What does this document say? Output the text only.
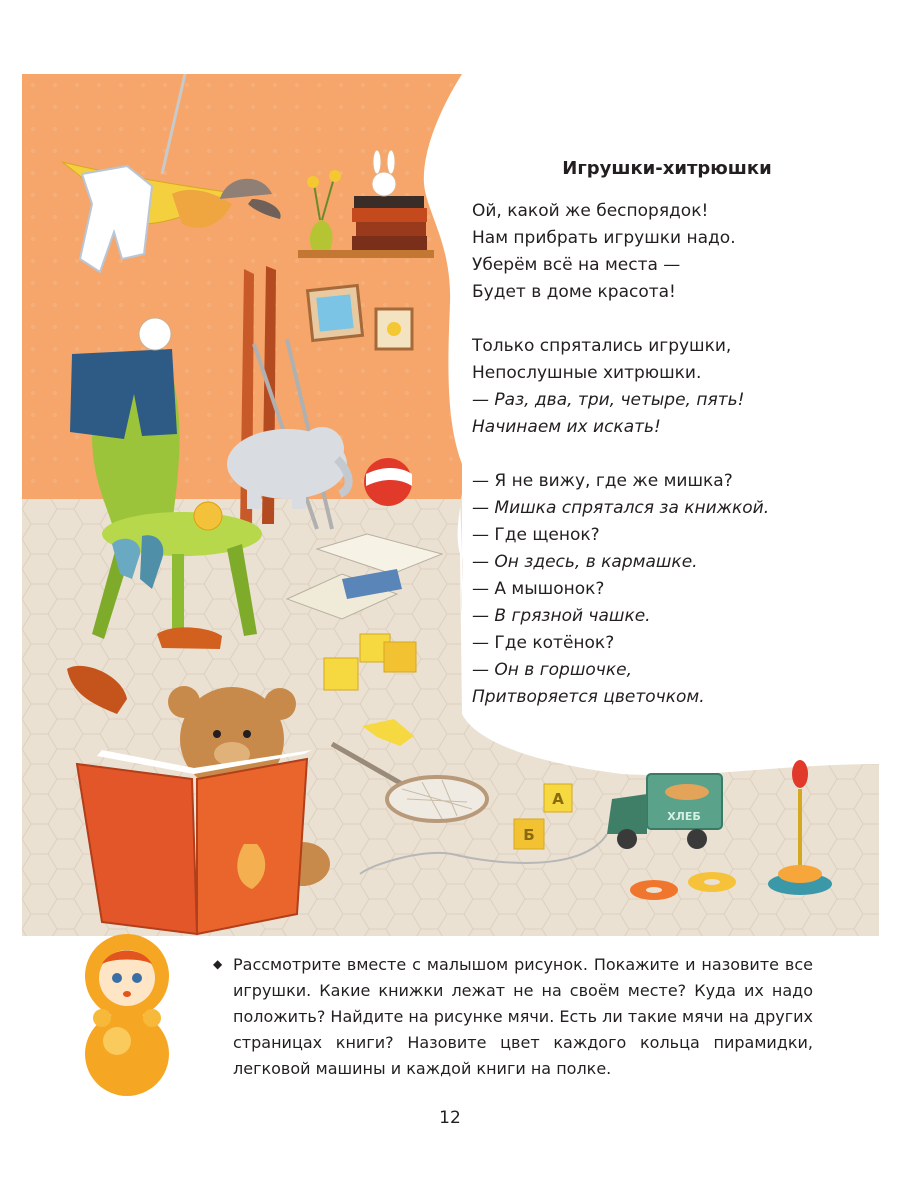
А
Б
ХЛЕБ
Игрушки-хитрюшки
Ой, какой же беспорядок!
Нам прибрать игрушки надо.
Уберём всё на места —
Будет в доме красота!
Только спрятались игрушки,
Непослушные хитрюшки.
— Раз, два, три, четыре, пять!
Начинаем их искать!
— Я не вижу, где же мишка?
— Мишка спрятался за книжкой.
— Где щенок?
— Он здесь, в кармашке.
— А мышонок?
— В грязной чашке.
— Где котёнок?
— Он в горшочке,
Притворяется цветочком.
◆ Рассмотрите вместе с малышом рисунок. Покажите и назовите все игрушки. Какие книжки лежат не на своём месте? Куда их надо положить? Найдите на рисунке мячи. Есть ли такие мячи на других страницах книги? Назовите цвет каждого кольца пирамидки, легковой машины и каждой книги на полке.

12
